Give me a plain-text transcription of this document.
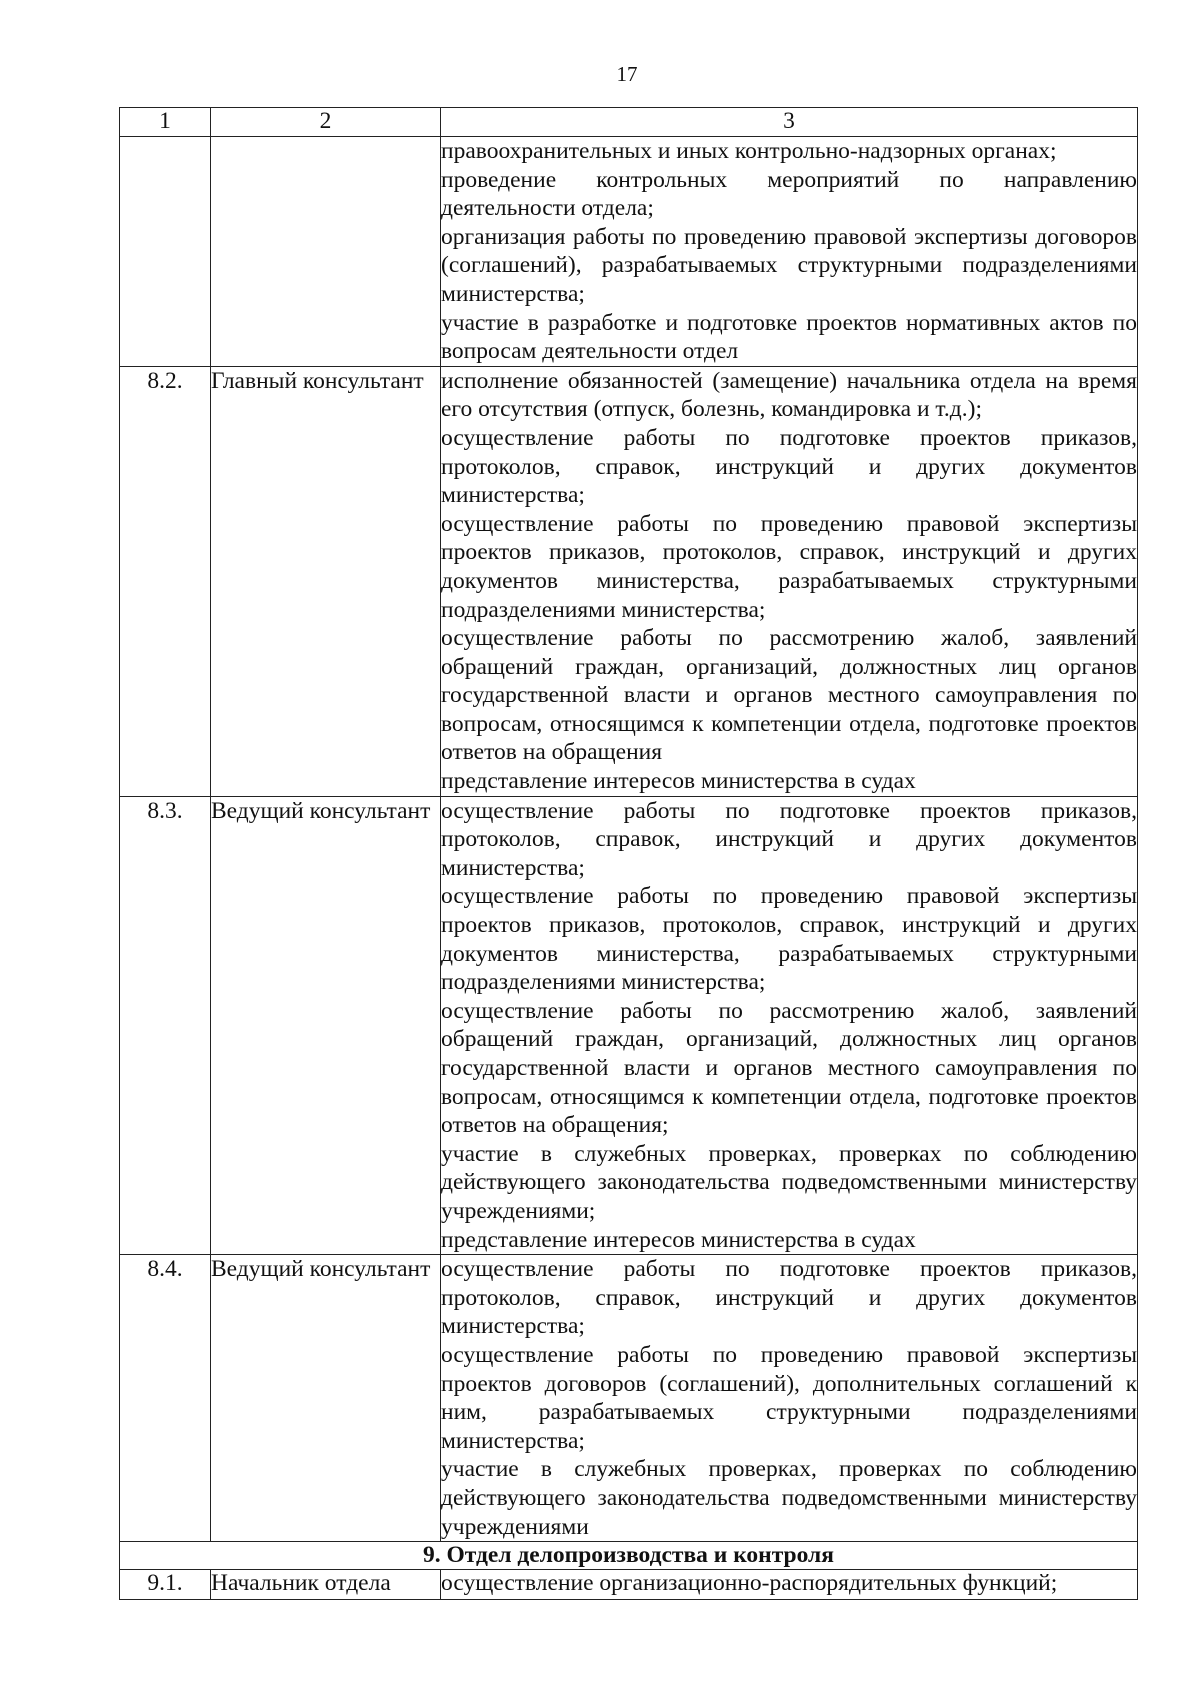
17
1	2	3

		правоохранительных и иных контрольно-надзорных органах;
проведение контрольных мероприятий по направлению деятельности отдела;
организация работы по проведению правовой экспертизы договоров (соглашений), разрабатываемых структурными подразделениями министерства;
участие в разработке и подготовке проектов нормативных актов по вопросам деятельности отдел

8.2.	Главный консультант	исполнение обязанностей (замещение) начальника отдела на время его отсутствия (отпуск, болезнь, командировка и т.д.);
осуществление работы по подготовке проектов приказов, протоколов, справок, инструкций и других документов министерства;
осуществление работы по проведению правовой экспертизы проектов приказов, протоколов, справок, инструкций и других документов министерства, разрабатываемых структурными подразделениями министерства;
осуществление работы по рассмотрению жалоб, заявлений обращений граждан, организаций, должностных лиц органов государственной власти и органов местного самоуправления по вопросам, относящимся к компетенции отдела, подготовке проектов ответов на обращения
представление интересов министерства в судах

8.3.	Ведущий консультант	осуществление работы по подготовке проектов приказов, протоколов, справок, инструкций и других документов министерства;
осуществление работы по проведению правовой экспертизы проектов приказов, протоколов, справок, инструкций и других документов министерства, разрабатываемых структурными подразделениями министерства;
осуществление работы по рассмотрению жалоб, заявлений обращений граждан, организаций, должностных лиц органов государственной власти и органов местного самоуправления по вопросам, относящимся к компетенции отдела, подготовке проектов ответов на обращения;
участие в служебных проверках, проверках по соблюдению действующего законодательства подведомственными министерству учреждениями;
представление интересов министерства в судах

8.4.	Ведущий консультант	осуществление работы по подготовке проектов приказов, протоколов, справок, инструкций и других документов министерства;
осуществление работы по проведению правовой экспертизы проектов договоров (соглашений), дополнительных соглашений к ним, разрабатываемых структурными подразделениями министерства;
участие в служебных проверках, проверках по соблюдению действующего законодательства подведомственными министерству учреждениями

9. Отдел делопроизводства и контроля		
9.1.	Начальник отдела	осуществление организационно-распорядительных функций;
